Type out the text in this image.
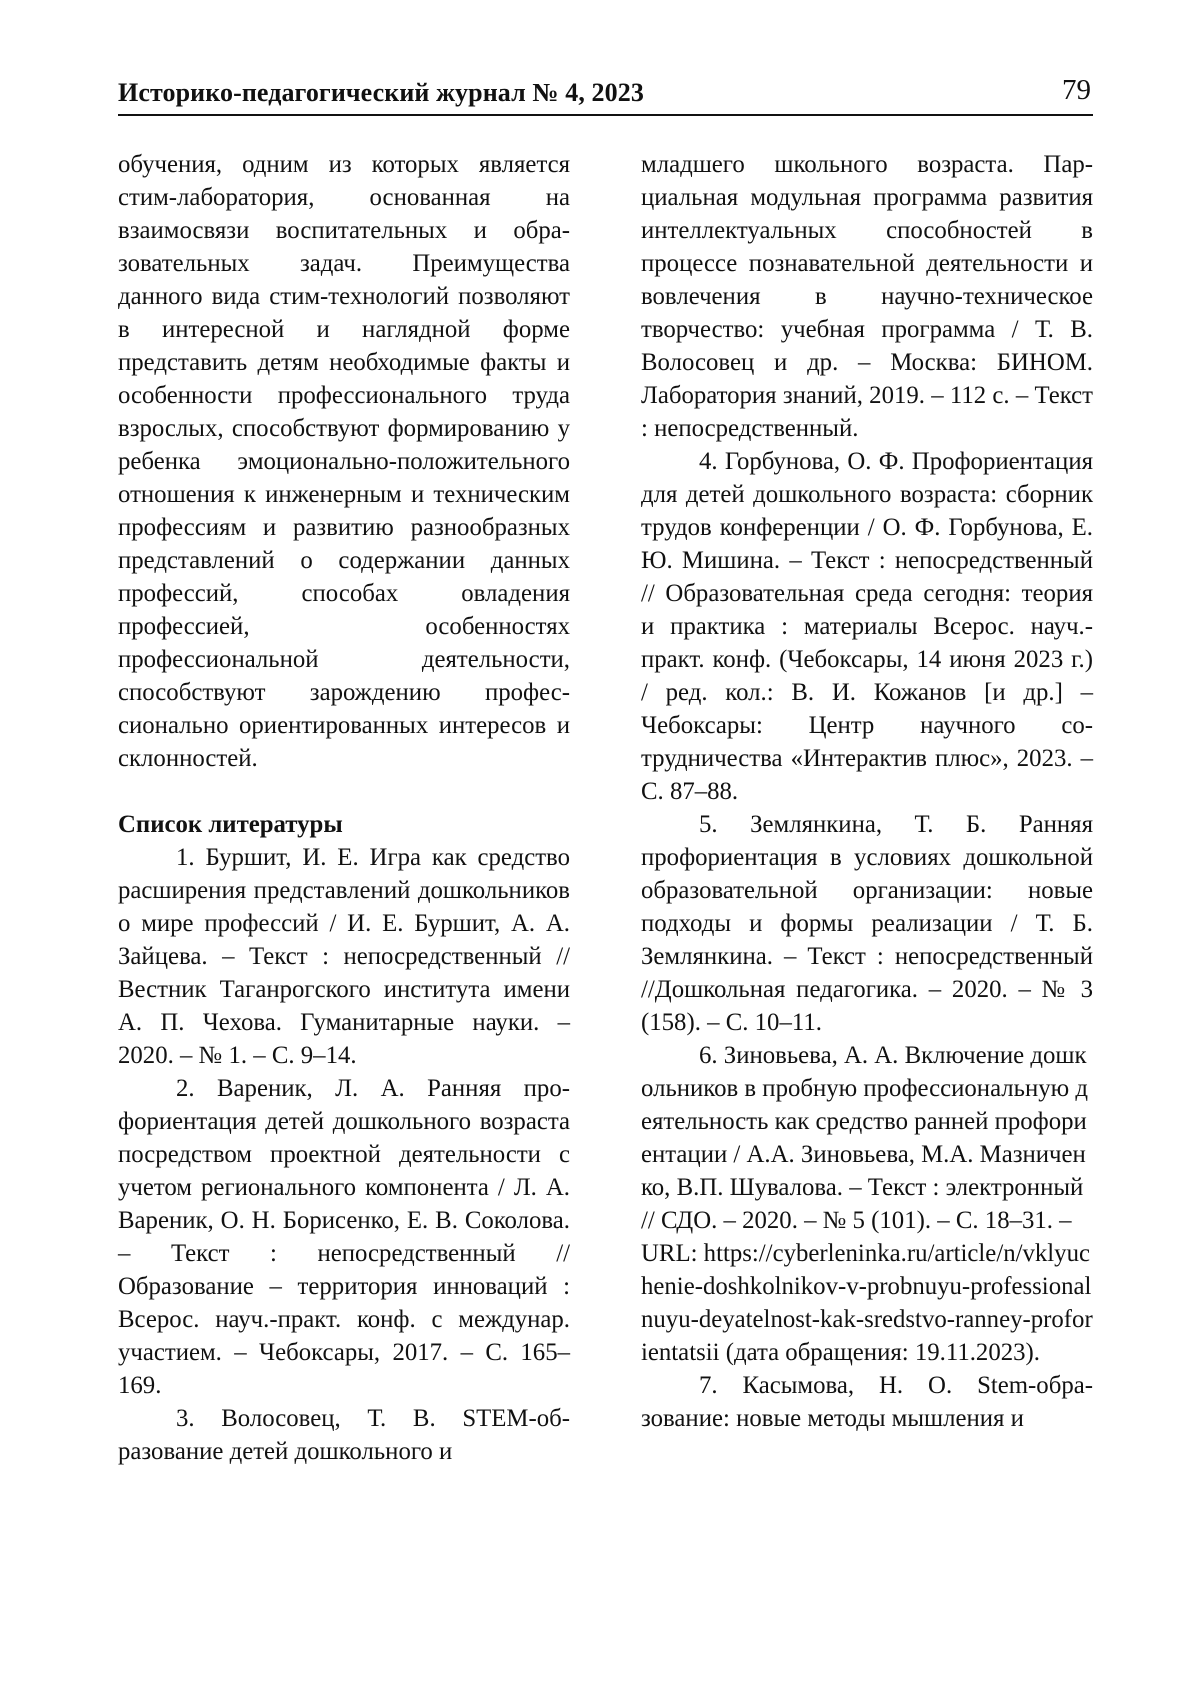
Историко-педагогический журнал № 4, 2023	79

обучения, одним из которых является стим-лаборатория, основанная на взаимосвязи воспитательных и образовательных задач. Преимущества данного вида стим-технологий позволяют в интересной и наглядной форме представить детям необходимые факты и особенности профессионального труда взрослых, способствуют формированию у ребенка эмоционально-положительного отношения к инженерным и техническим профессиям и развитию разнообразных представлений о содержании данных профессий, способах овладения профессией, особенностях профессиональной деятельности, способствуют зарождению профессионально ориентированных интересов и склонностей.

Список литературы

1. Буршит, И. Е. Игра как средство расширения представлений дошкольников о мире профессий / И. Е. Буршит, А. А. Зайцева. – Текст : непосредственный // Вестник Таганрогского института имени А. П. Чехова. Гуманитарные науки. – 2020. – № 1. – С. 9–14.

2. Вареник, Л. А. Ранняя профориентация детей дошкольного возраста посредством проектной деятельности с учетом регионального компонента / Л. А. Вареник, О. Н. Борисенко, Е. В. Соколова. – Текст : непосредственный // Образование – территория инноваций : Всерос. науч.-практ. конф. с междунар. участием. – Чебоксары, 2017. – С. 165–169.

3. Волосовец, Т. В. STEM-образование детей дошкольного и

младшего школьного возраста. Парциальная модульная программа развития интеллектуальных способностей в процессе познавательной деятельности и вовлечения в научно-техническое творчество: учебная программа / Т. В. Волосовец и др. – Москва: БИНОМ. Лаборатория знаний, 2019. – 112 с. – Текст : непосредственный.

4. Горбунова, О. Ф. Профориентация для детей дошкольного возраста: сборник трудов конференции / О. Ф. Горбунова, Е. Ю. Мишина. – Текст : непосредственный // Образовательная среда сегодня: теория и практика : материалы Всерос. науч.-практ. конф. (Чебоксары, 14 июня 2023 г.) / ред. кол.: В. И. Кожанов [и др.] – Чебоксары: Центр научного сотрудничества «Интерактив плюс», 2023. – С. 87–88.

5. Землянкина, Т. Б. Ранняя профориентация в условиях дошкольной образовательной организации: новые подходы и формы реализации / Т. Б. Землянкина. – Текст : непосредственный //Дошкольная педагогика. – 2020. – № 3 (158). – С. 10–11.

6. Зиновьева, А. А. Включение дошкольников в пробную профессиональную деятельность как средство ранней профориентации / А.А. Зиновьева, М.А. Мазниченко, В.П. Шувалова. – Текст : электронный // СДО. – 2020. – № 5 (101). – С. 18–31. – URL: https://cyberleninka.ru/article/n/vklyuchenie-doshkolnikov-v-probnuyu-professionalnuyu-deyatelnost-kak-sredstvo-ranney-proforientatsii (дата обращения: 19.11.2023).

7. Касымова, Н. О. Stem-образование: новые методы мышления и
